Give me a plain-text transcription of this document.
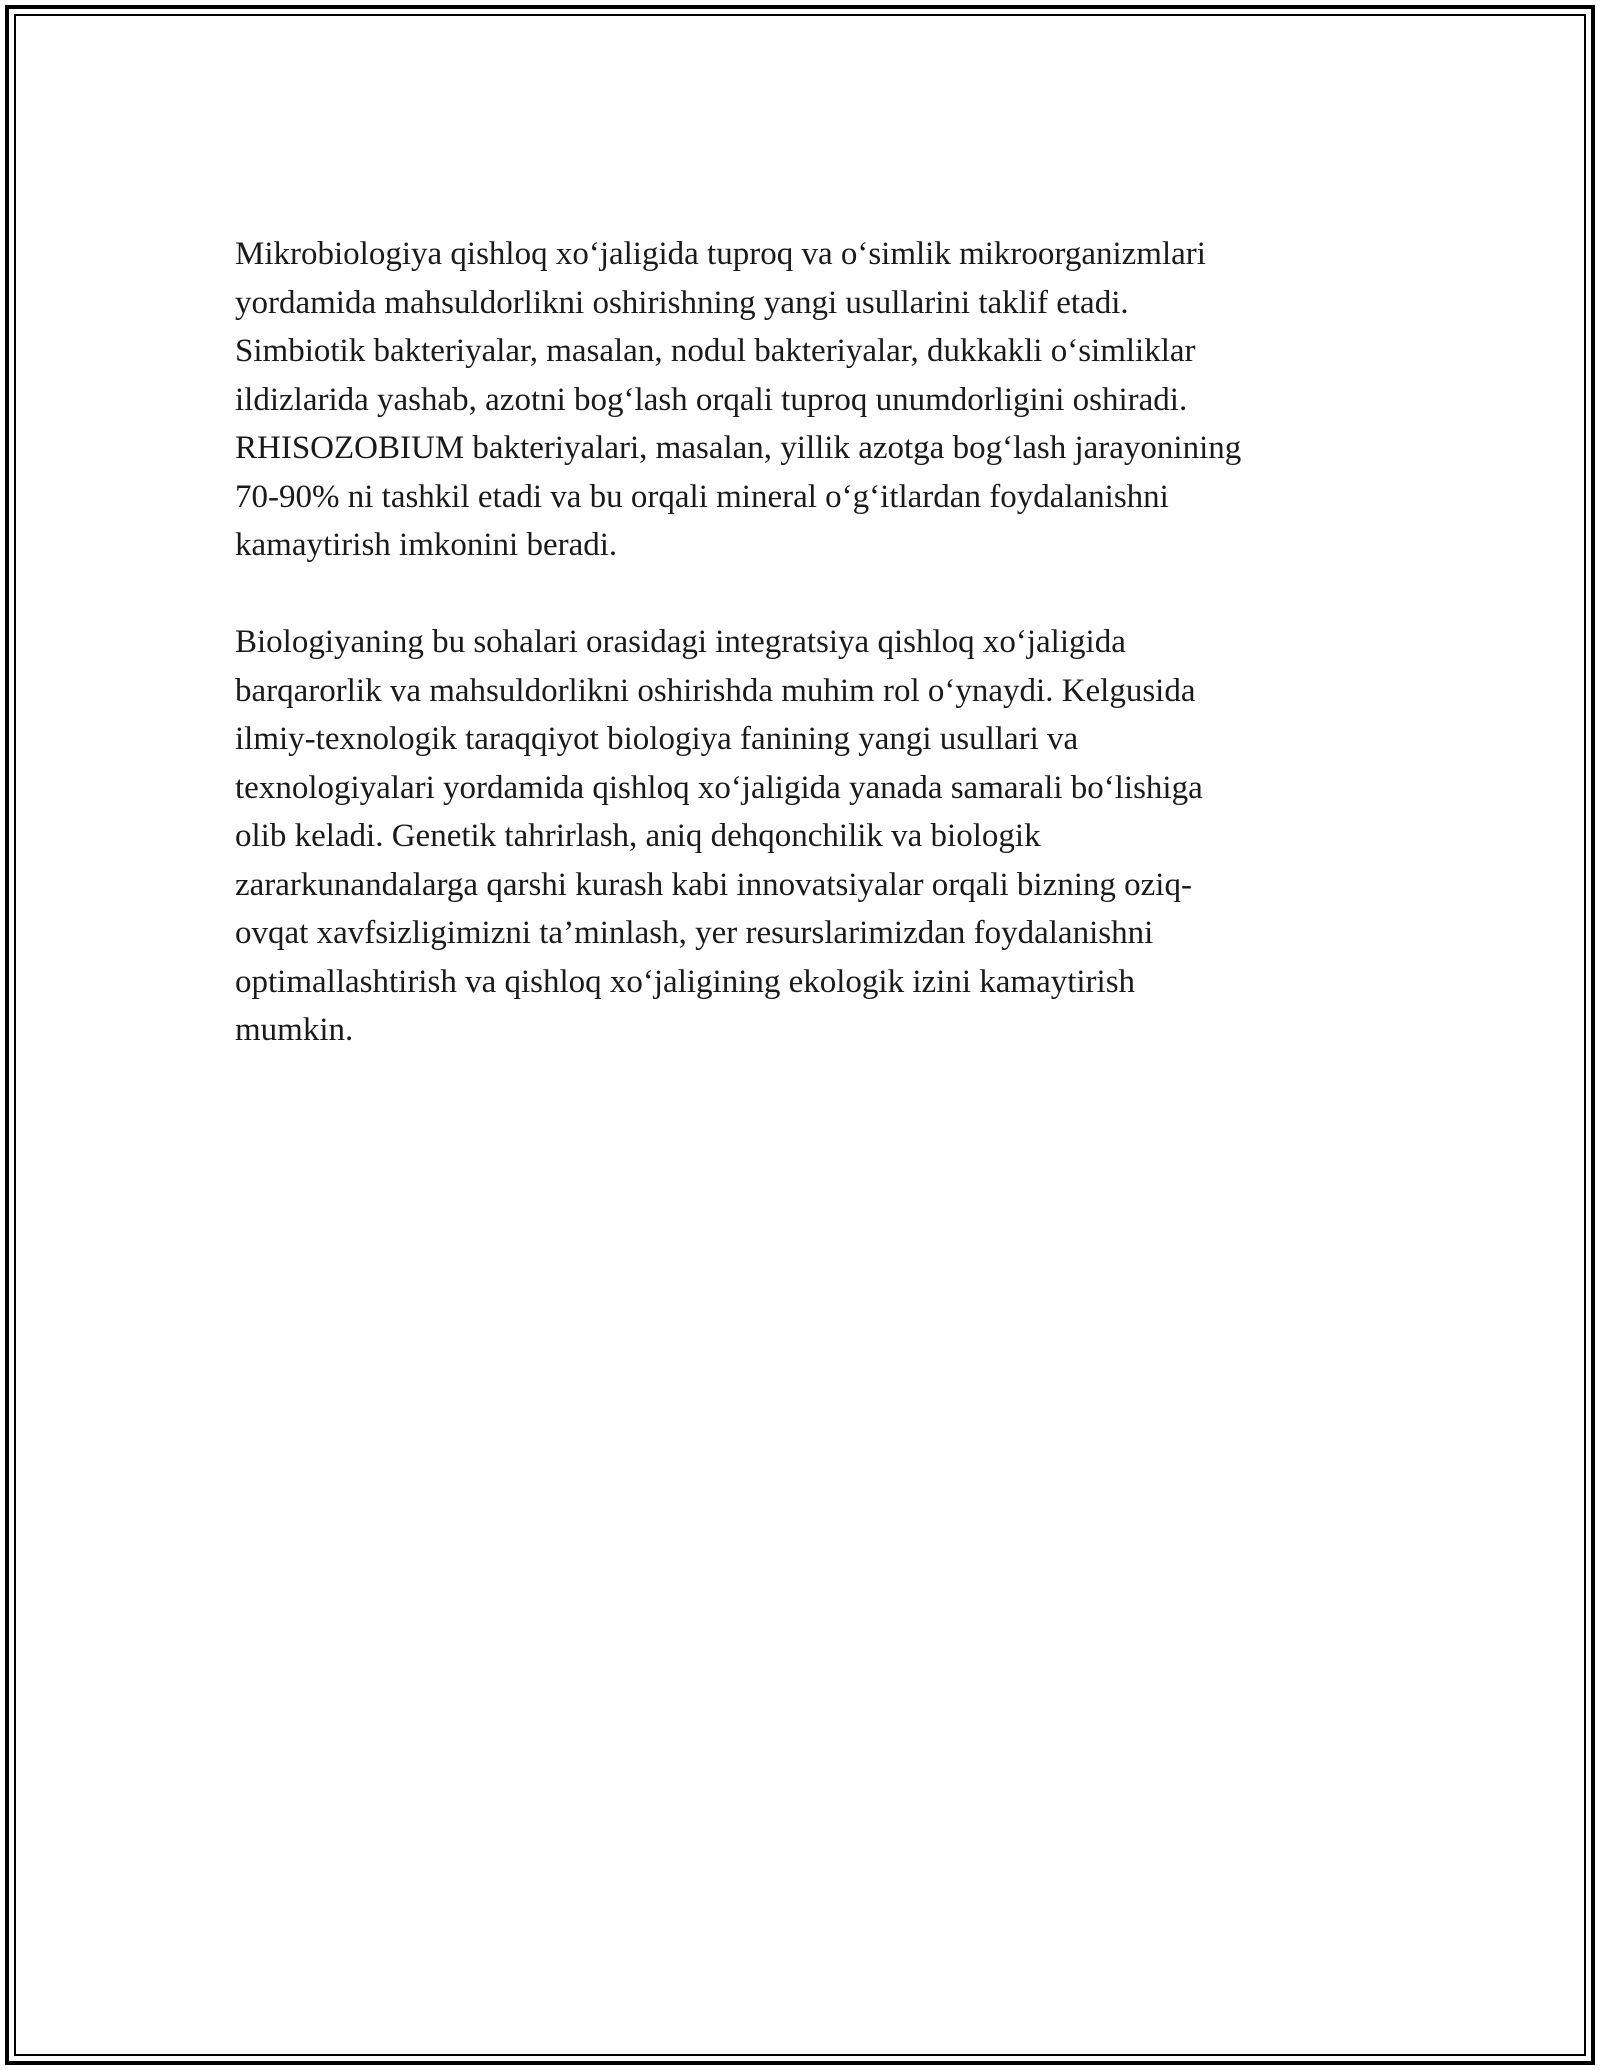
Mikrobiologiya qishloq xo‘jaligida tuproq va o‘simlik mikroorganizmlari
yordamida mahsuldorlikni oshirishning yangi usullarini taklif etadi.
Simbiotik bakteriyalar, masalan, nodul bakteriyalar, dukkakli o‘simliklar
ildizlarida yashab, azotni bog‘lash orqali tuproq unumdorligini oshiradi.
RHISOZOBIUM bakteriyalari, masalan, yillik azotga bog‘lash jarayonining
70-90% ni tashkil etadi va bu orqali mineral o‘g‘itlardan foydalanishni
kamaytirish imkonini beradi.

Biologiyaning bu sohalari orasidagi integratsiya qishloq xo‘jaligida
barqarorlik va mahsuldorlikni oshirishda muhim rol o‘ynaydi. Kelgusida
ilmiy-texnologik taraqqiyot biologiya fanining yangi usullari va
texnologiyalari yordamida qishloq xo‘jaligida yanada samarali bo‘lishiga
olib keladi. Genetik tahrirlash, aniq dehqonchilik va biologik
zararkunandalarga qarshi kurash kabi innovatsiyalar orqali bizning oziq-
ovqat xavfsizligimizni ta’minlash, yer resurslarimizdan foydalanishni
optimallashtirish va qishloq xo‘jaligining ekologik izini kamaytirish
mumkin.
